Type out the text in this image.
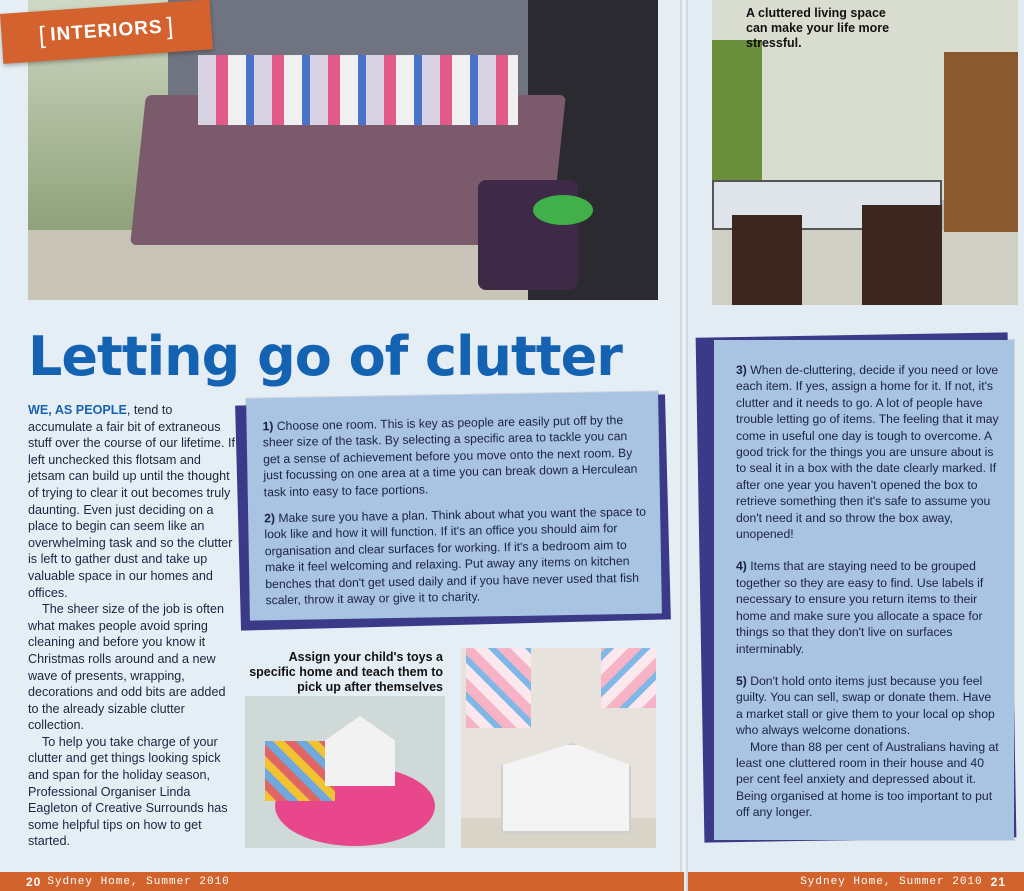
[ INTERIORS ]
Letting go of clutter

WE, AS PEOPLE, tend to accumulate a fair bit of extraneous stuff over the course of our lifetime. If left unchecked this flotsam and jetsam can build up until the thought of trying to clear it out becomes truly daunting. Even just deciding on a place to begin can seem like an overwhelming task and so the clutter is left to gather dust and take up valuable space in our homes and offices.

The sheer size of the job is often what makes people avoid spring cleaning and before you know it Christmas rolls around and a new wave of presents, wrapping, decorations and odd bits are added to the already sizable clutter collection.

To help you take charge of your clutter and get things looking spick and span for the holiday season, Professional Organiser Linda Eagleton of Creative Surrounds has some helpful tips on how to get started.

1) Choose one room. This is key as people are easily put off by the sheer size of the task. By selecting a specific area to tackle you can get a sense of achievement before you move onto the next room. By just focussing on one area at a time you can break down a Herculean task into easy to face portions.

2) Make sure you have a plan. Think about what you want the space to look like and how it will function. If it's an office you should aim for organisation and clear surfaces for working. If it's a bedroom aim to make it feel welcoming and relaxing. Put away any items on kitchen benches that don't get used daily and if you have never used that fish scaler, throw it away or give it to charity.

Assign your child's toys a specific home and teach them to pick up after themselves
A cluttered living space can make your life more stressful.

3) When de-cluttering, decide if you need or love each item. If yes, assign a home for it. If not, it's clutter and it needs to go. A lot of people have trouble letting go of items. The feeling that it may come in useful one day is tough to overcome. A good trick for the things you are unsure about is to seal it in a box with the date clearly marked. If after one year you haven't opened the box to retrieve something then it's safe to assume you don't need it and so throw the box away, unopened!

4) Items that are staying need to be grouped together so they are easy to find. Use labels if necessary to ensure you return items to their home and make sure you allocate a space for things so that they don't live on surfaces interminably.

5) Don't hold onto items just because you feel guilty. You can sell, swap or donate them. Have a market stall or give them to your local op shop who always welcome donations.

More than 88 per cent of Australians having at least one cluttered room in their house and 40 per cent feel anxiety and depressed about it. Being organised at home is too important to put off any longer.

20 Sydney Home, Summer 2010	Sydney Home, Summer 2010 21
